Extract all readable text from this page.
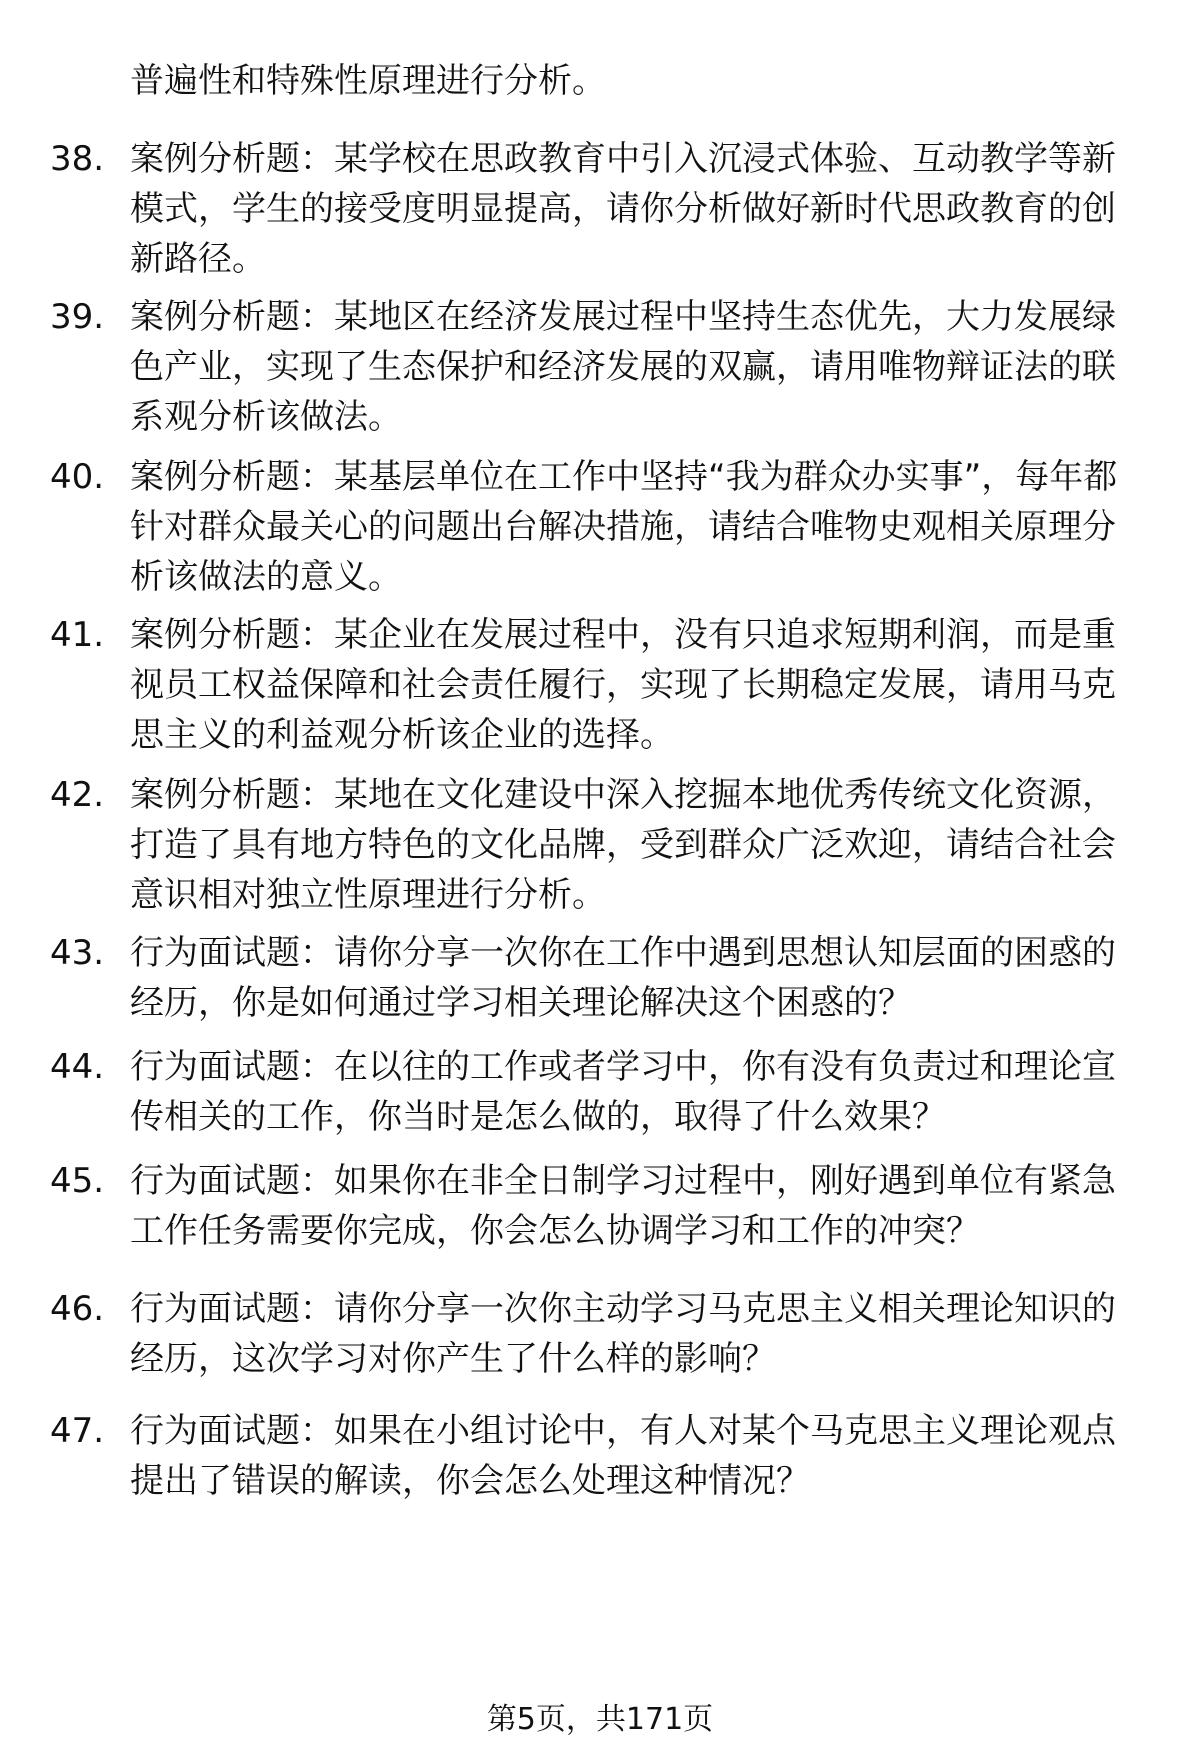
普遍性和特殊性原理进行分析。
38. 案例分析题：某学校在思政教育中引入沉浸式体验、互动教学等新模式，学生的接受度明显提高，请你分析做好新时代思政教育的创新路径。
39. 案例分析题：某地区在经济发展过程中坚持生态优先，大力发展绿色产业，实现了生态保护和经济发展的双赢，请用唯物辩证法的联系观分析该做法。
40. 案例分析题：某基层单位在工作中坚持“我为群众办实事”，每年都针对群众最关心的问题出台解决措施，请结合唯物史观相关原理分析该做法的意义。
41. 案例分析题：某企业在发展过程中，没有只追求短期利润，而是重视员工权益保障和社会责任履行，实现了长期稳定发展，请用马克思主义的利益观分析该企业的选择。
42. 案例分析题：某地在文化建设中深入挖掘本地优秀传统文化资源，打造了具有地方特色的文化品牌，受到群众广泛欢迎，请结合社会意识相对独立性原理进行分析。
43. 行为面试题：请你分享一次你在工作中遇到思想认知层面的困惑的经历，你是如何通过学习相关理论解决这个困惑的？
44. 行为面试题：在以往的工作或者学习中，你有没有负责过和理论宣传相关的工作，你当时是怎么做的，取得了什么效果？
45. 行为面试题：如果你在非全日制学习过程中，刚好遇到单位有紧急工作任务需要你完成，你会怎么协调学习和工作的冲突？
46. 行为面试题：请你分享一次你主动学习马克思主义相关理论知识的经历，这次学习对你产生了什么样的影响？
47. 行为面试题：如果在小组讨论中，有人对某个马克思主义理论观点提出了错误的解读，你会怎么处理这种情况？
第5页，共171页
